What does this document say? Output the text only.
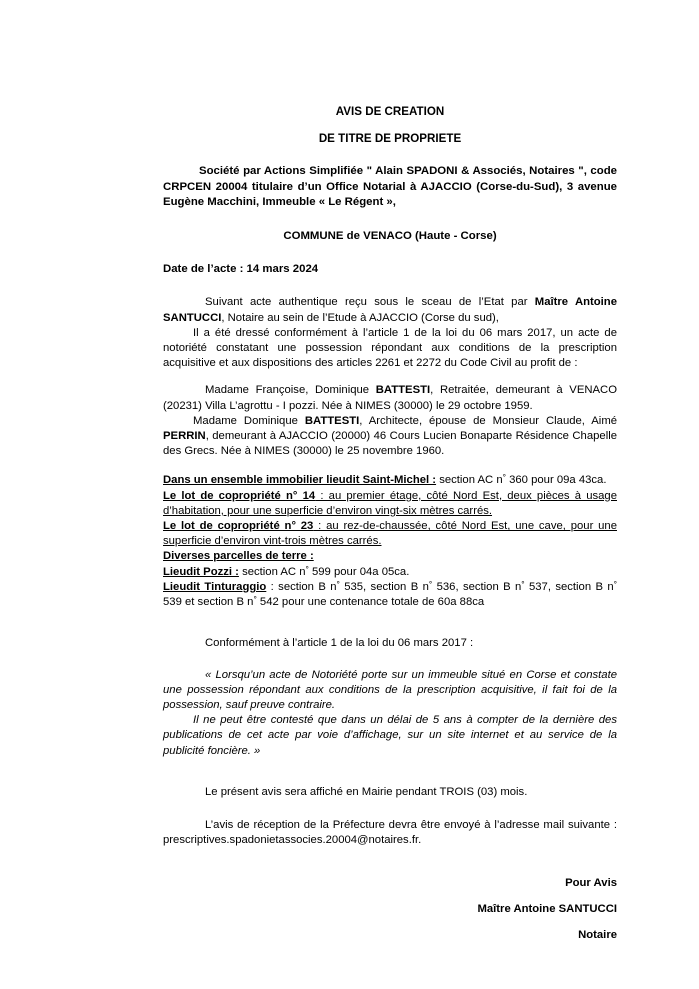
AVIS DE CREATION

DE TITRE DE PROPRIETE

Société par Actions Simplifiée " Alain SPADONI & Associés, Notaires ", code CRPCEN 20004 titulaire d’un Office Notarial à AJACCIO (Corse-du-Sud), 3 avenue Eugène Macchini, Immeuble « Le Régent »,

COMMUNE de VENACO (Haute - Corse)

Date de l’acte : 14 mars 2024

Suivant acte authentique reçu sous le sceau de l’Etat par Maître Antoine SANTUCCI, Notaire au sein de l’Etude à AJACCIO (Corse du sud),

Il a été dressé conformément à l’article 1 de la loi du 06 mars 2017, un acte de notoriété constatant une possession répondant aux conditions de la prescription acquisitive et aux dispositions des articles 2261 et 2272 du Code Civil au profit de :

Madame Françoise, Dominique BATTESTI, Retraitée, demeurant à VENACO (20231) Villa L’agrottu - I pozzi. Née à NIMES (30000) le 29 octobre 1959.

Madame Dominique BATTESTI, Architecte, épouse de Monsieur Claude, Aimé PERRIN, demeurant à AJACCIO (20000) 46 Cours Lucien Bonaparte Résidence Chapelle des Grecs. Née à NIMES (30000) le 25 novembre 1960.

Dans un ensemble immobilier lieudit Saint-Michel : section AC n° 360 pour 09a 43ca.

Le lot de copropriété n° 14 : au premier étage, côté Nord Est, deux pièces à usage d’habitation, pour une superficie d’environ vingt-six mètres carrés.

Le lot de copropriété n° 23 : au rez-de-chaussée, côté Nord Est, une cave, pour une superficie d’environ vint-trois mètres carrés.

Diverses parcelles de terre :

Lieudit Pozzi : section AC n° 599 pour 04a 05ca.

Lieudit Tinturaggio : section B n° 535, section B n° 536, section B n° 537, section B n° 539 et section B n° 542 pour une contenance totale de 60a 88ca

Conformément à l’article 1 de la loi du 06 mars 2017 :

« Lorsqu’un acte de Notoriété porte sur un immeuble situé en Corse et constate une possession répondant aux conditions de la prescription acquisitive, il fait foi de la possession, sauf preuve contraire.

Il ne peut être contesté que dans un délai de 5 ans à compter de la dernière des publications de cet acte par voie d’affichage, sur un site internet et au service de la publicité foncière. »

Le présent avis sera affiché en Mairie pendant TROIS (03) mois.

L’avis de réception de la Préfecture devra être envoyé à l’adresse mail suivante : prescriptives.spadonietassocies.20004@notaires.fr.

Pour Avis

Maître Antoine SANTUCCI

Notaire
